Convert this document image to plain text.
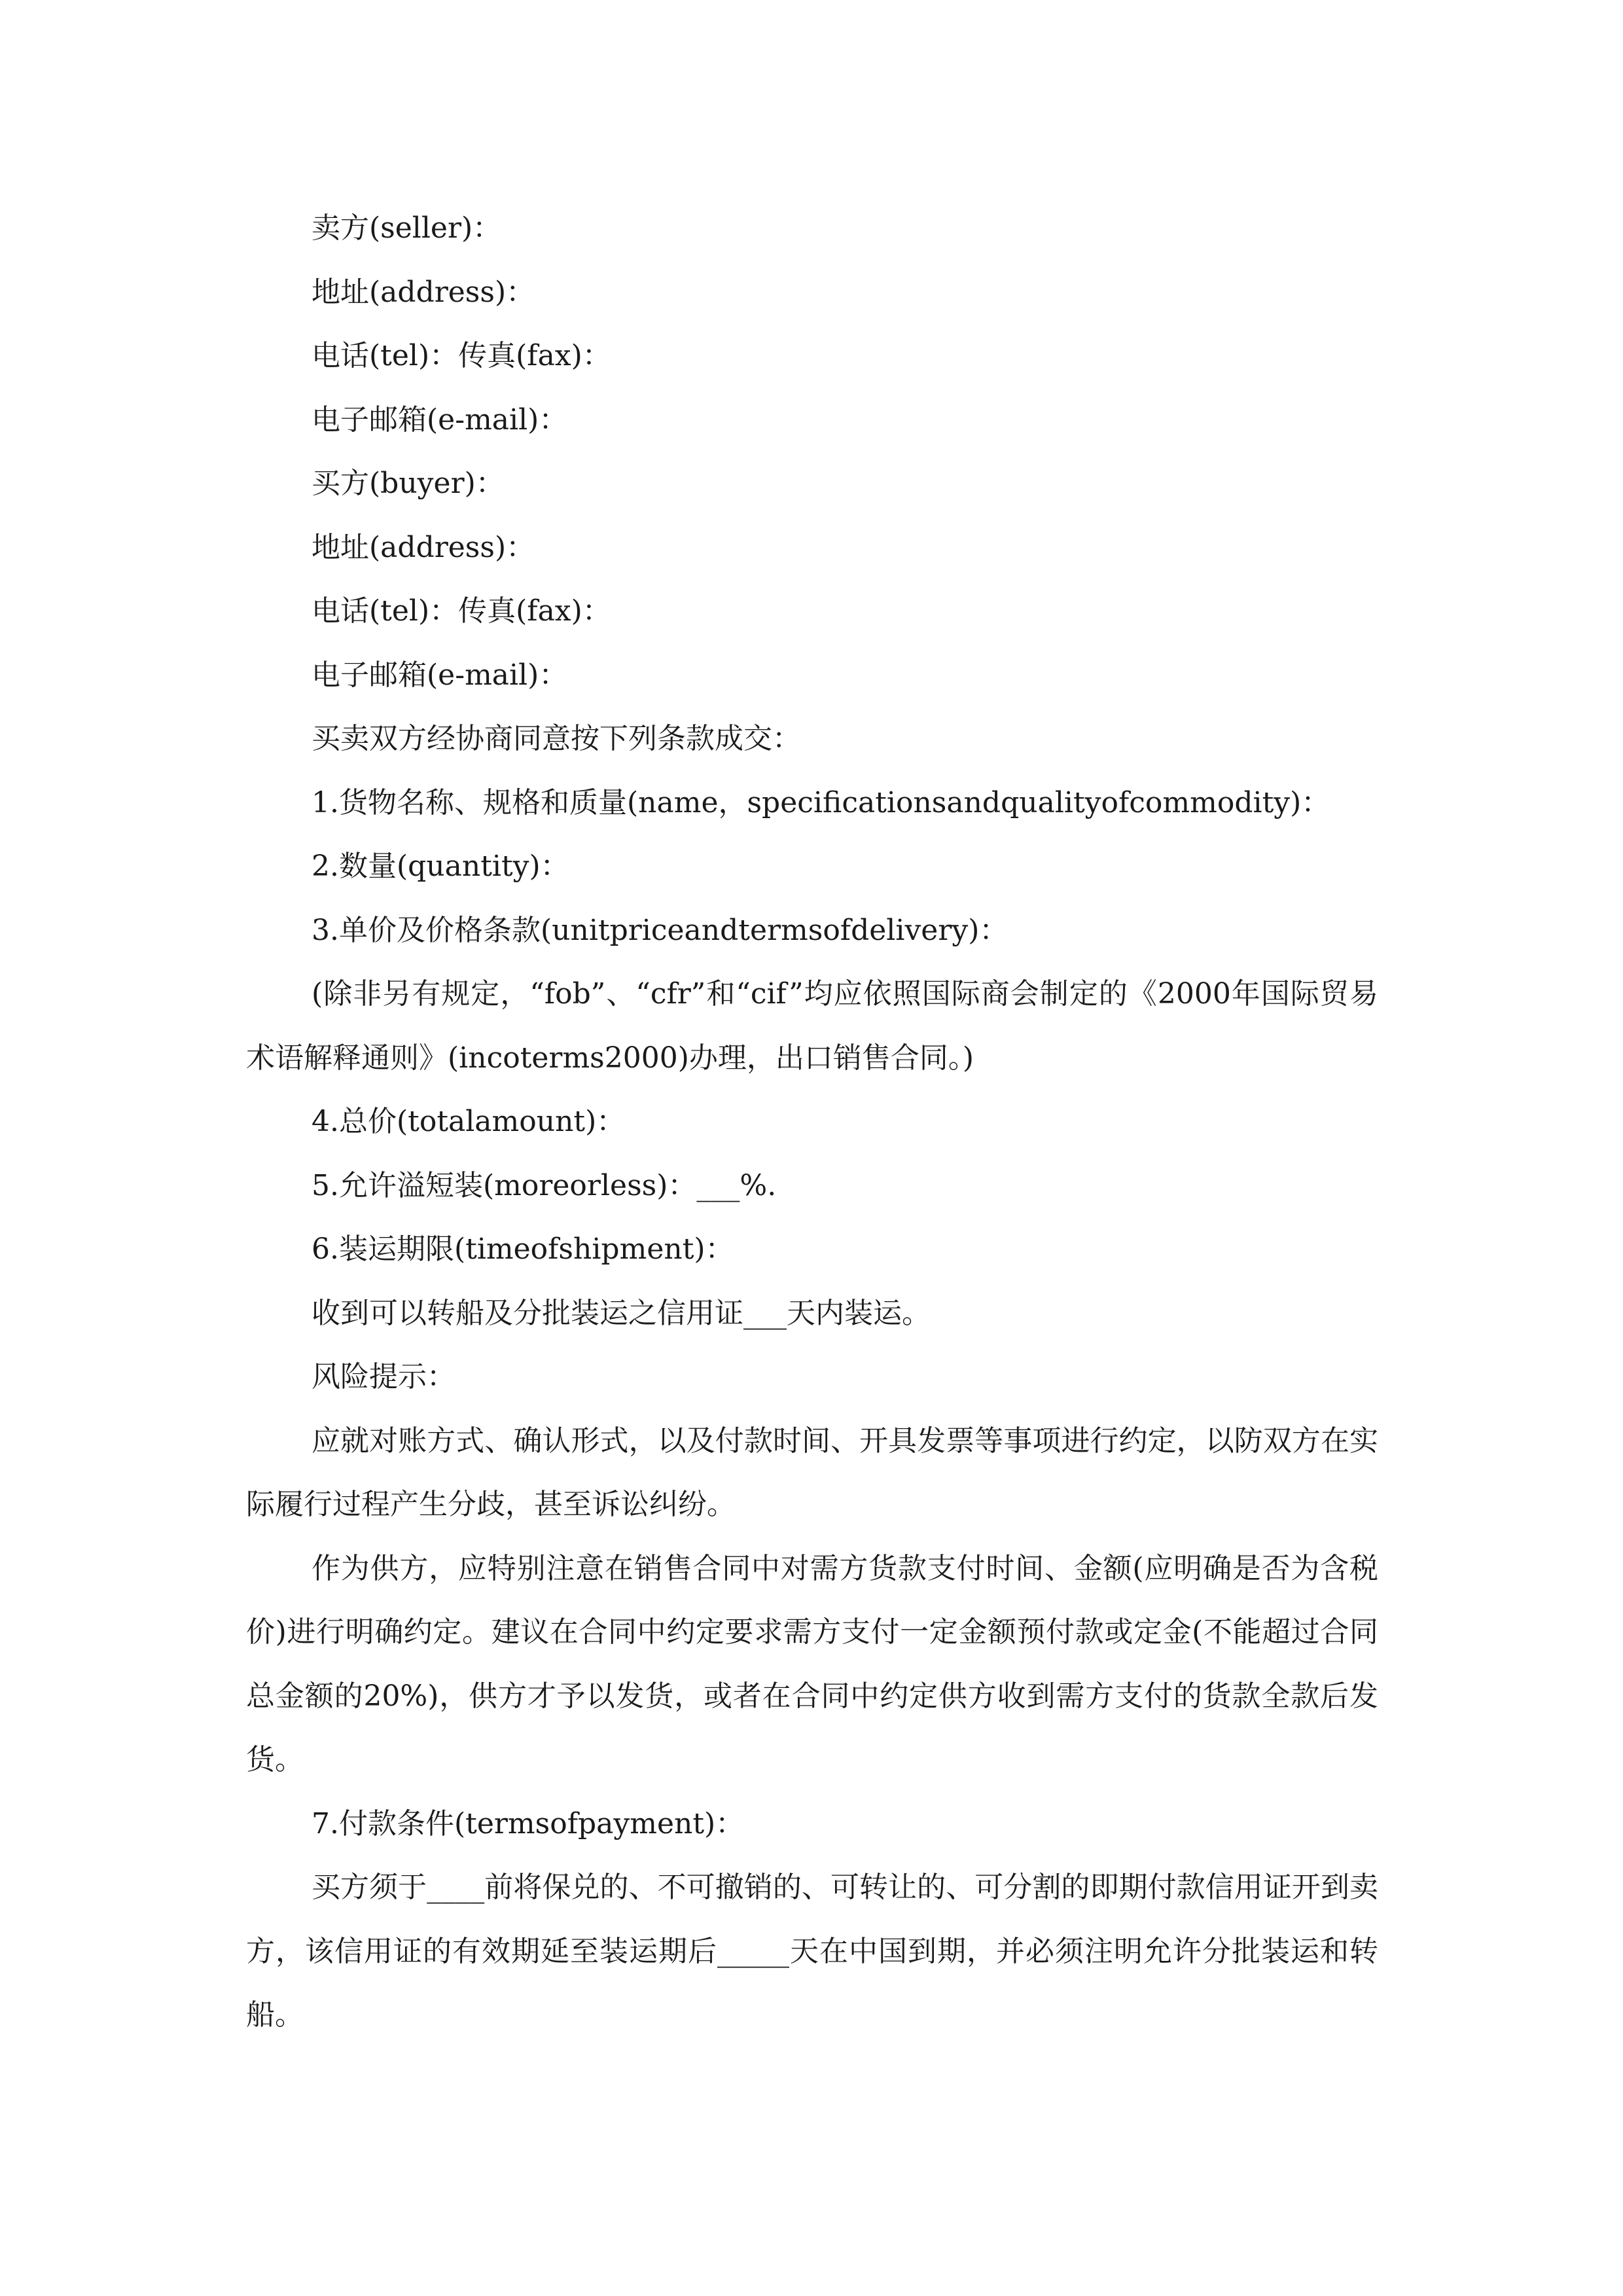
卖方(seller)：

地址(address)：

电话(tel)：传真(fax)：

电子邮箱(e-mail)：

买方(buyer)：

地址(address)：

电话(tel)：传真(fax)：

电子邮箱(e-mail)：

买卖双方经协商同意按下列条款成交：

1.货物名称、规格和质量(name，specificationsandqualityofcommodity)：

2.数量(quantity)：

3.单价及价格条款(unitpriceandtermsofdelivery)：

(除非另有规定，“fob”、“cfr”和“cif”均应依照国际商会制定的《2000年国际贸易术语解释通则》(incoterms2000)办理，出口销售合同。)

4.总价(totalamount)：

5.允许溢短装(moreorless)：___%.

6.装运期限(timeofshipment)：

收到可以转船及分批装运之信用证___天内装运。

风险提示：

应就对账方式、确认形式，以及付款时间、开具发票等事项进行约定，以防双方在实际履行过程产生分歧，甚至诉讼纠纷。

作为供方，应特别注意在销售合同中对需方货款支付时间、金额(应明确是否为含税价)进行明确约定。建议在合同中约定要求需方支付一定金额预付款或定金(不能超过合同总金额的20%)，供方才予以发货，或者在合同中约定供方收到需方支付的货款全款后发货。

7.付款条件(termsofpayment)：

买方须于____前将保兑的、不可撤销的、可转让的、可分割的即期付款信用证开到卖方，该信用证的有效期延至装运期后_____天在中国到期，并必须注明允许分批装运和转船。
